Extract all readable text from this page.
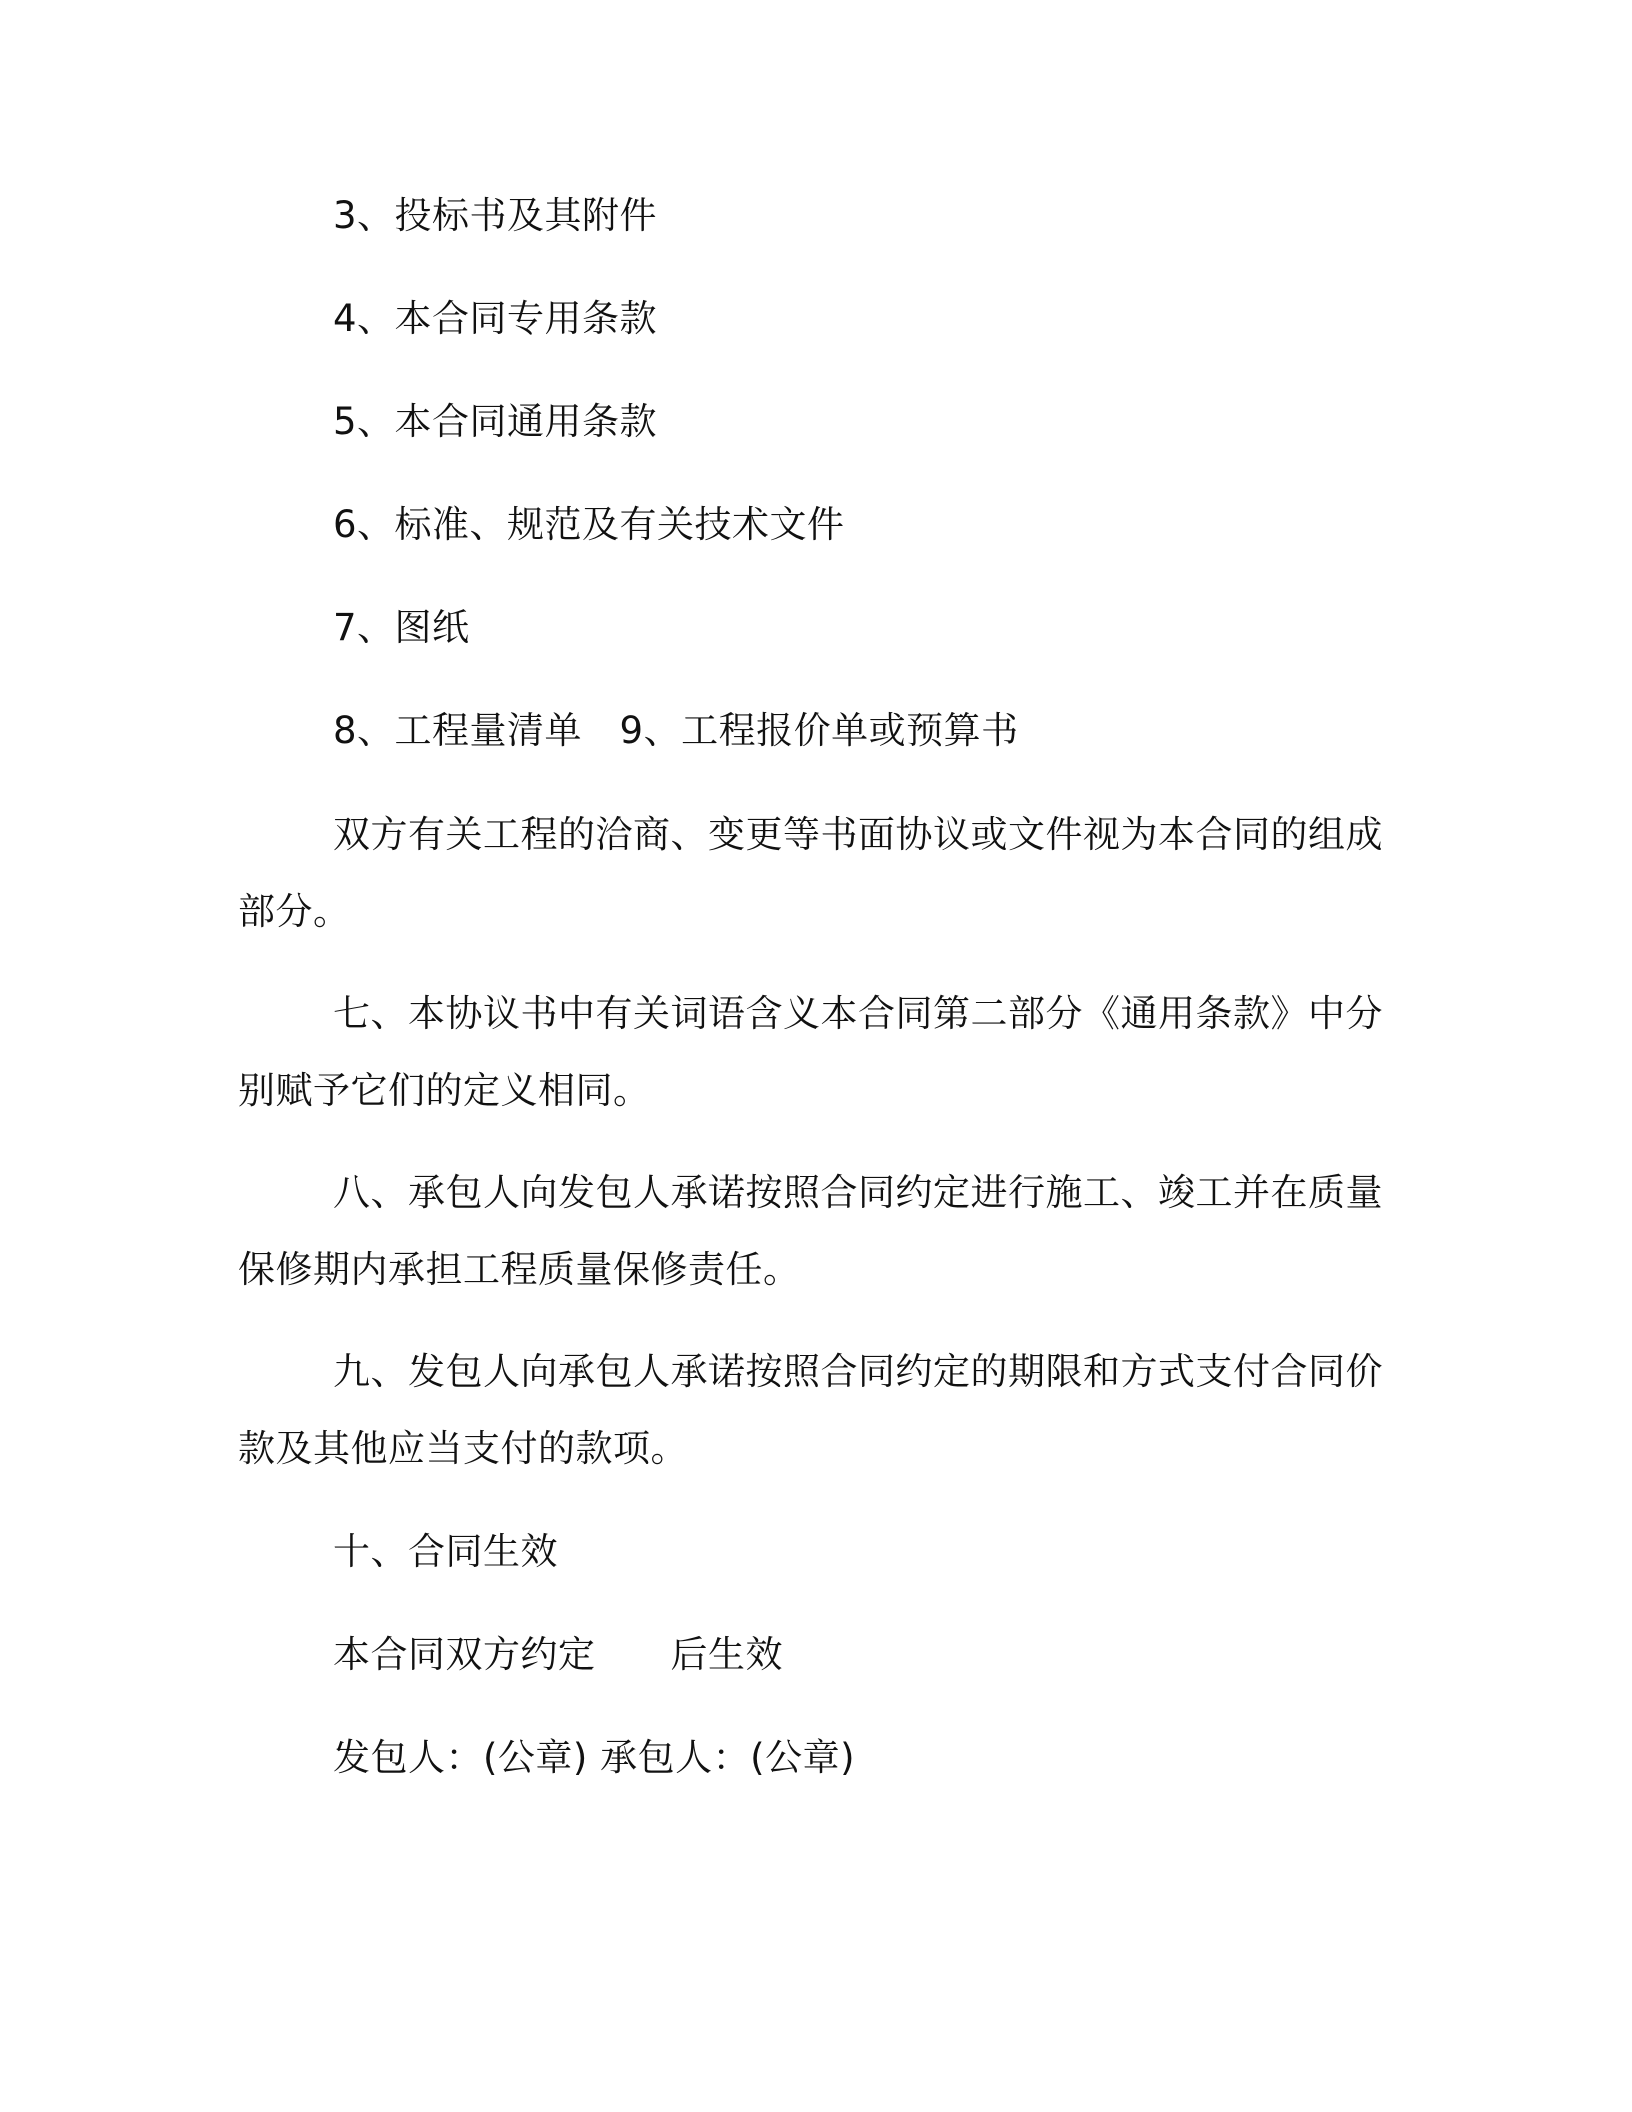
3、投标书及其附件
4、本合同专用条款
5、本合同通用条款
6、标准、规范及有关技术文件
7、图纸
8、工程量清单　9、工程报价单或预算书
双方有关工程的洽商、变更等书面协议或文件视为本合同的组成
部分。
七、本协议书中有关词语含义本合同第二部分《通用条款》中分
别赋予它们的定义相同。
八、承包人向发包人承诺按照合同约定进行施工、竣工并在质量
保修期内承担工程质量保修责任。
九、发包人向承包人承诺按照合同约定的期限和方式支付合同价
款及其他应当支付的款项。
十、合同生效
本合同双方约定　　后生效
发包人：(公章) 承包人：(公章)
